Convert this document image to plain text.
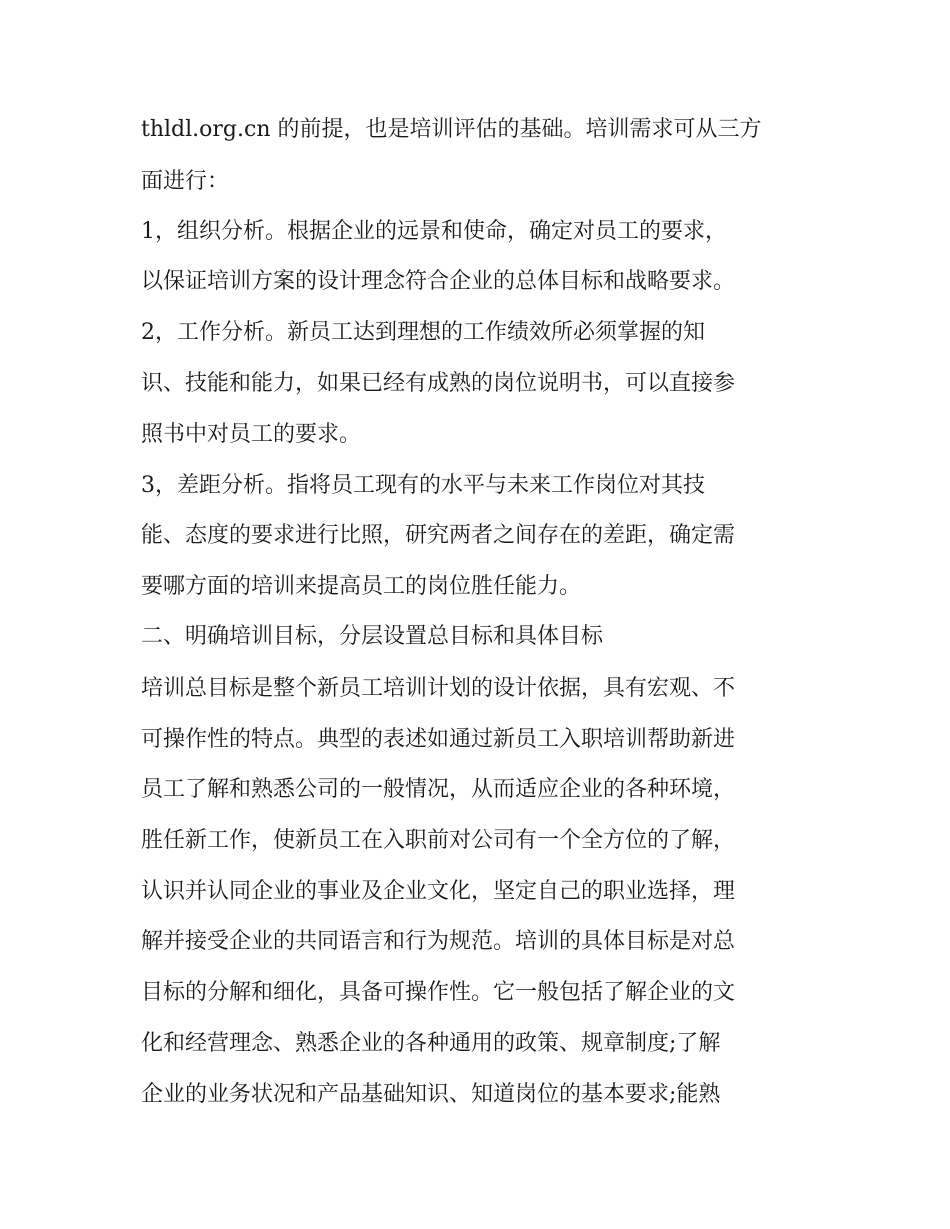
thldl.org.cn 的前提，也是培训评估的基础。培训需求可从三方
面进行：
1，组织分析。根据企业的远景和使命，确定对员工的要求，
以保证培训方案的设计理念符合企业的总体目标和战略要求。
2，工作分析。新员工达到理想的工作绩效所必须掌握的知
识、技能和能力，如果已经有成熟的岗位说明书，可以直接参
照书中对员工的要求。
3，差距分析。指将员工现有的水平与未来工作岗位对其技
能、态度的要求进行比照，研究两者之间存在的差距，确定需
要哪方面的培训来提高员工的岗位胜任能力。
二、明确培训目标，分层设置总目标和具体目标
培训总目标是整个新员工培训计划的设计依据，具有宏观、不
可操作性的特点。典型的表述如通过新员工入职培训帮助新进
员工了解和熟悉公司的一般情况，从而适应企业的各种环境，
胜任新工作，使新员工在入职前对公司有一个全方位的了解，
认识并认同企业的事业及企业文化，坚定自己的职业选择，理
解并接受企业的共同语言和行为规范。培训的具体目标是对总
目标的分解和细化，具备可操作性。它一般包括了解企业的文
化和经营理念、熟悉企业的各种通用的政策、规章制度;了解
企业的业务状况和产品基础知识、知道岗位的基本要求;能熟
